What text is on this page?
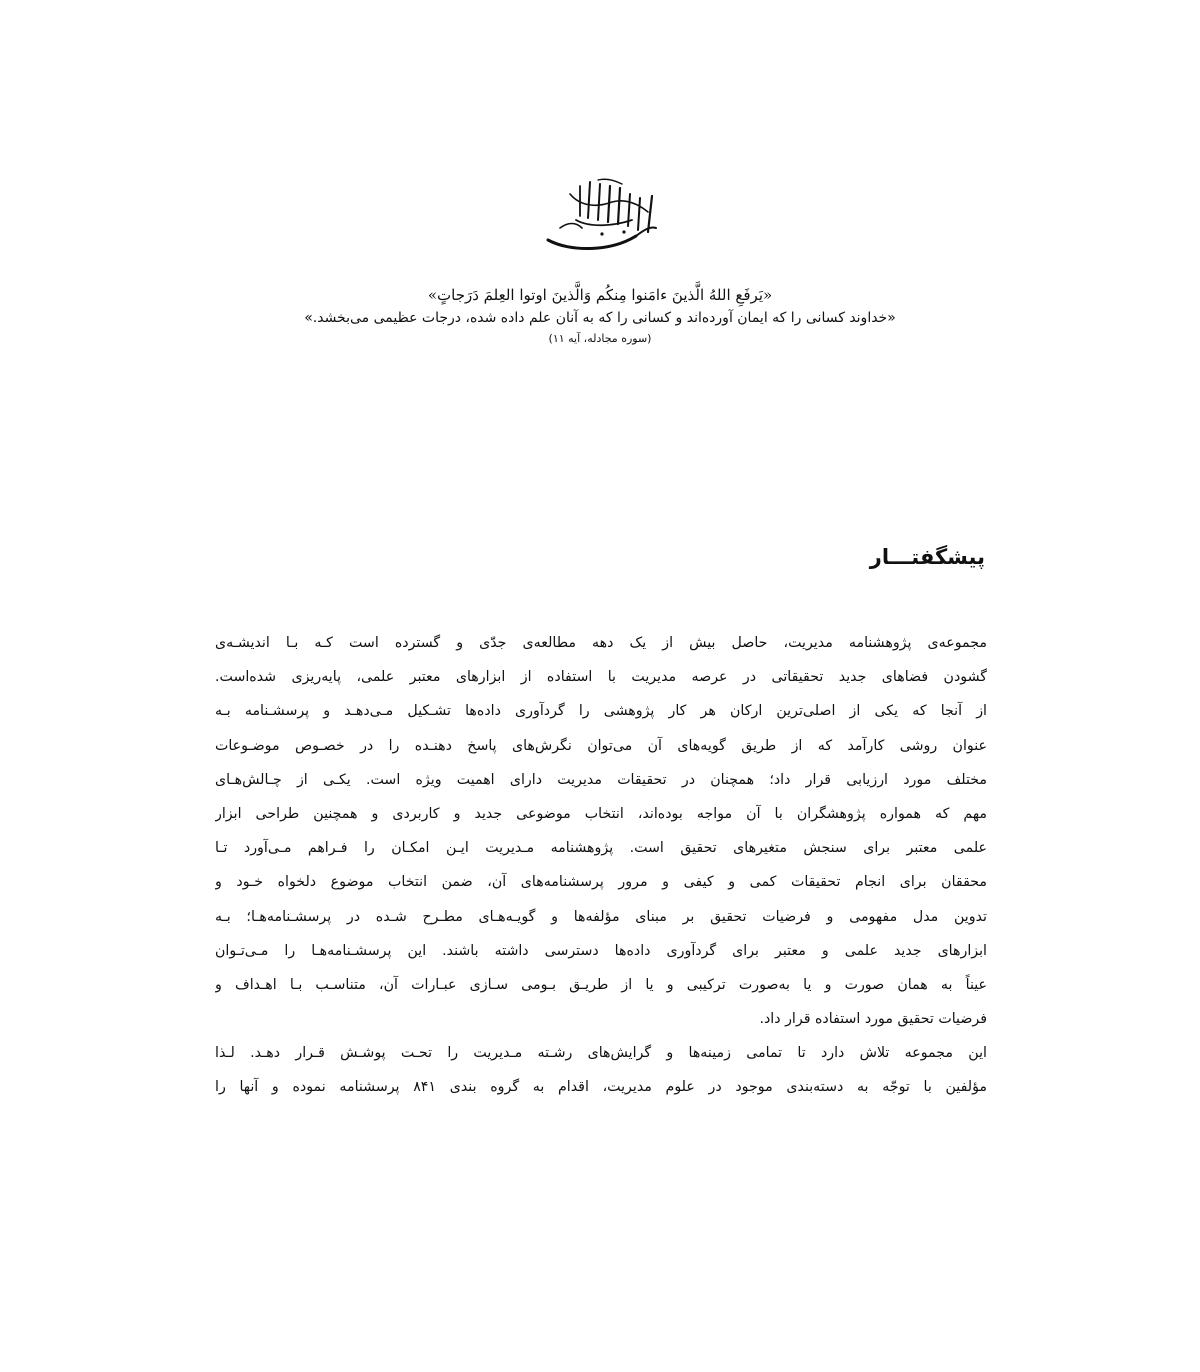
«يَرفَعِ اللهُ الَّذينَ ءامَنوا مِنكُم وَالَّذينَ اوتوا العِلمَ دَرَجاتٍ»
«خداوند کسانی را که ایمان آورده‌اند و کسانی را که به آنان علم داده شده، درجات عظیمی می‌بخشد.»
(سوره مجادله، آیه ۱۱)
پیشگفتـــار
مجموعه‌ی پژوهشنامه مدیریت، حاصل بیش از یک دهه مطالعه‌ی جدّی و گسترده است کـه بـا اندیشـه‌ی
گشودن فضاهای جدید تحقیقاتی در عرصه مدیریت با استفاده از ابزارهای معتبر علمی، پایه‌ریزی شده‌است.
از آنجا که یکی از اصلی‌ترین ارکان هر کار پژوهشی را گردآوری داده‌ها تشـکیل مـی‌دهـد و پرسشـنامه بـه
عنوان روشی کارآمد که از طریق گویه‌های آن می‌توان نگرش‌های پاسخ دهنـده را در خصـوص موضـوعات
مختلف مورد ارزیابی قرار داد؛ همچنان در تحقیقات مدیریت دارای اهمیت ویژه است. یکـی از چـالش‌هـای
مهم که همواره پژوهشگران با آن مواجه بوده‌اند، انتخاب موضوعی جدید و کاربردی و همچنین طراحی ابزار
علمی معتبر برای سنجش متغیرهای تحقیق است. پژوهشنامه مـدیریت ایـن امکـان را فـراهم مـی‌آورد تـا
محققان برای انجام تحقیقات کمی و کیفی و مرور پرسشنامه‌های آن، ضمن انتخاب موضوع دلخواه خـود و
تدوین مدل مفهومی و فرضیات تحقیق بر مبنای مؤلفه‌ها و گویـه‌هـای مطـرح شـده در پرسشـنامه‌هـا؛ بـه
ابزارهای جدید علمی و معتبر برای گردآوری داده‌ها دسترسی داشته باشند. این پرسشـنامه‌هـا را مـی‌تـوان
عیناً به همان صورت و یا به‌صورت ترکیبی و یا از طریـق بـومی سـازی عبـارات آن، متناسـب بـا اهـداف و
فرضیات تحقیق مورد استفاده قرار داد.
این مجموعه تلاش دارد تا تمامی زمینه‌ها و گرایش‌های رشـته مـدیریت را تحـت پوشـش قـرار دهـد. لـذا
مؤلفین با توجّه به دسته‌بندی موجود در علوم مدیریت، اقدام به گروه بندی ۸۴۱ پرسشنامه نموده و آنها را
